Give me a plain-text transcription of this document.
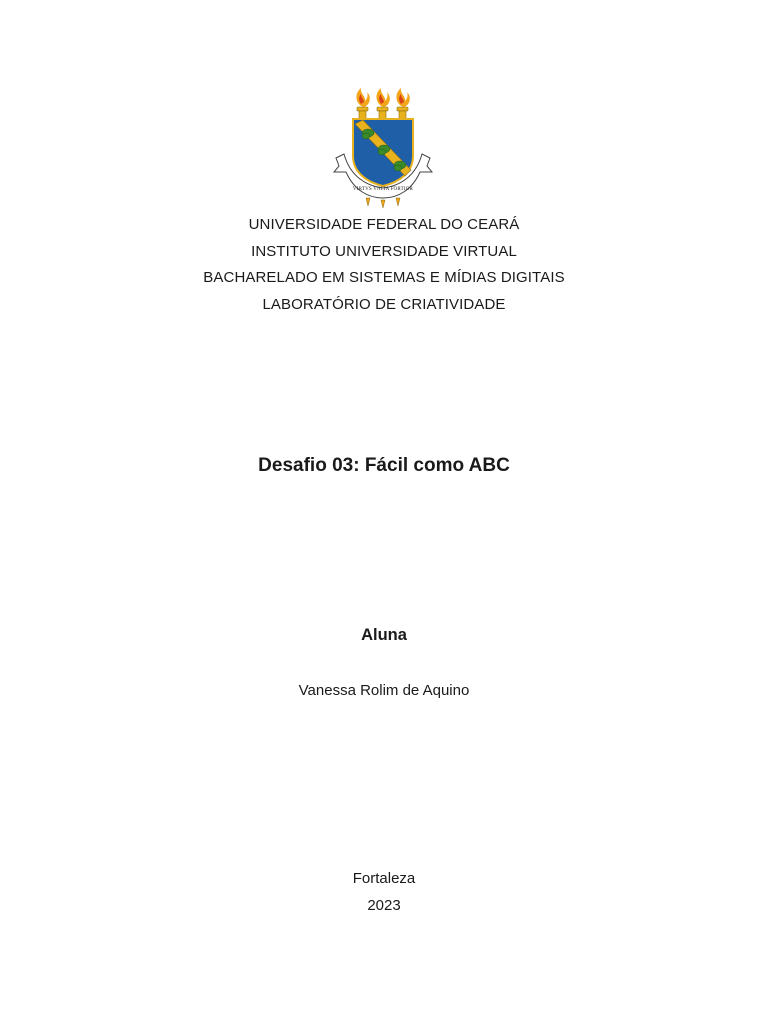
VIRTVS VNITA FORTIOR
UNIVERSIDADE FEDERAL DO CEARÁ
INSTITUTO UNIVERSIDADE VIRTUAL
BACHARELADO EM SISTEMAS E MÍDIAS DIGITAIS
LABORATÓRIO DE CRIATIVIDADE
Desafio 03: Fácil como ABC
Aluna
Vanessa Rolim de Aquino
Fortaleza
2023
